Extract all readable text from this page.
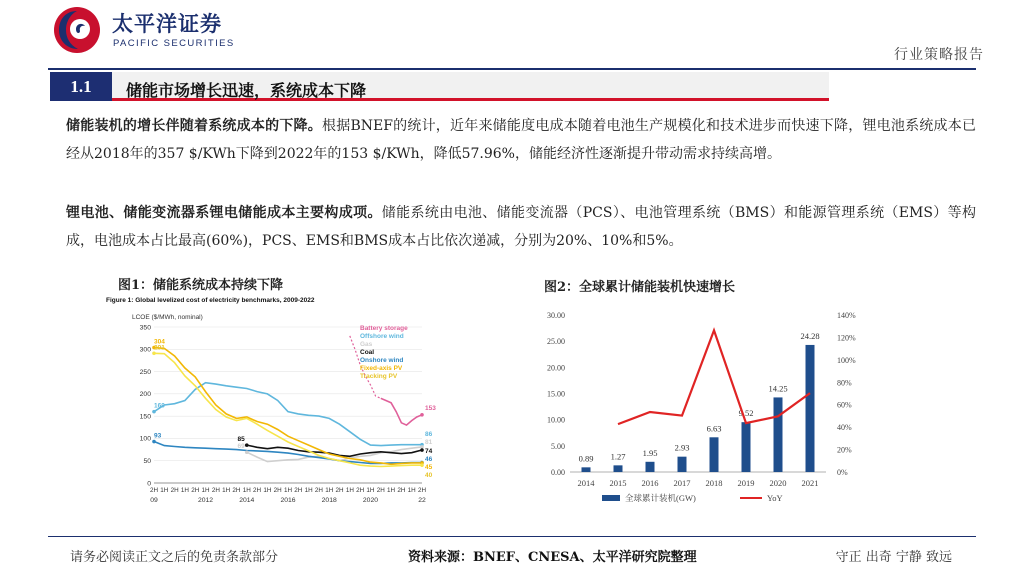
太平洋证券
PACIFIC SECURITIES
行业策略报告
1.1	储能市场增长迅速，系统成本下降
储能装机的增长伴随着系统成本的下降。根据BNEF的统计，近年来储能度电成本随着电池生产规模化和技术进步而快速下降，锂电池系统成本已经从2018年的357 $/KWh下降到2022年的153 $/KWh，降低57.96%，储能经济性逐渐提升带动需求持续高增。
锂电池、储能变流器系锂电储能成本主要构成项。储能系统由电池、储能变流器（PCS）、电池管理系统（BMS）和能源管理系统（EMS）等构成，电池成本占比最高(60%)，PCS、EMS和BMS成本占比依次递减，分别为20%、10%和5%。
图1：储能系统成本持续下降	图2：全球累计储能装机快速增长
Figure 1: Global levelized cost of electricity benchmarks, 2009-2022
LCOE ($/MWh, nominal)
160
69
85
93
304
291
153
86
81
74
46
45
40
0
50
100
150
200
250
300
350
2H 1H 2H 1H 2H 1H 2H 1H 2H 1H 2H 1H 2H 1H 2H 1H 2H 1H 2H 1H 2H 1H 2H 1H 2H 1H 2H
09	2012	2014	2016	2018	2020	22
Battery storage
Offshore wind
Gas
Coal
Onshore wind
Fixed-axis PV
Tracking PV
0.00
5.00
10.00
15.00
20.00
25.00
30.00
0%
20%
40%
60%
80%
100%
120%
140%
2014 2015 2016 2017 2018 2019 2020 2021
0.89 1.27 1.95
2.93
6.63
9.52
14.25
24.28
全球累计装机(GW)	YoY
请务必阅读正文之后的免责条款部分	资料来源：BNEF、CNESA、太平洋研究院整理	守正 出奇 宁静 致远
